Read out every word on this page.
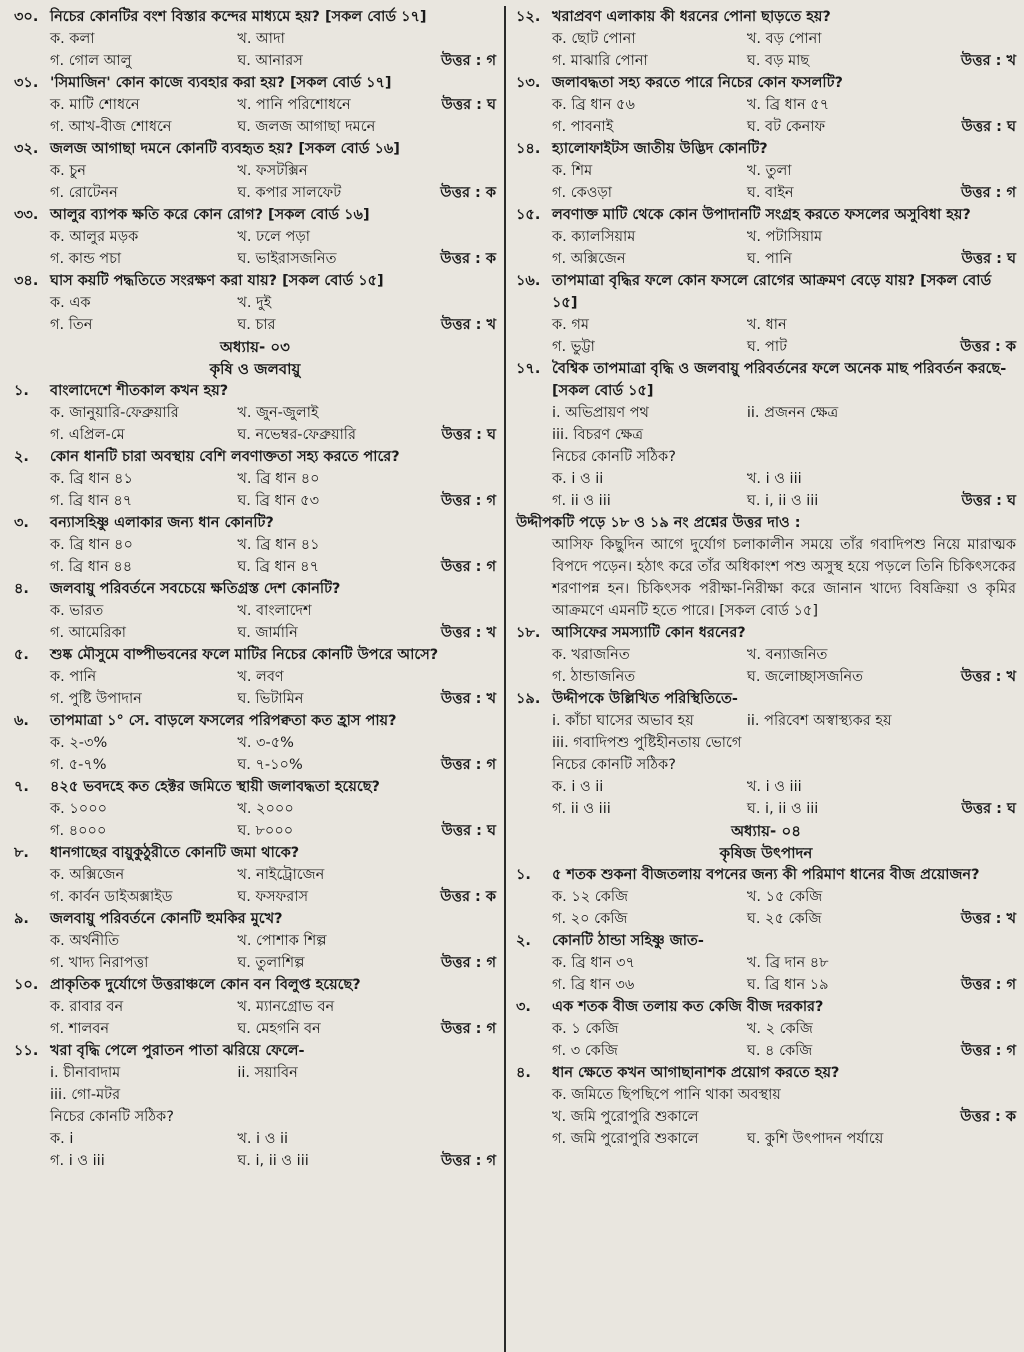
৩০. নিচের কোনটির বংশ বিস্তার কন্দের মাধ্যমে হয়? [সকল বোর্ড ১৭]
ক. কলা	খ. আদা
গ. গোল আলু	ঘ. আনারস	উত্তর : গ
৩১. 'সিমাজিন' কোন কাজে ব্যবহার করা হয়? [সকল বোর্ড ১৭]
ক. মাটি শোধনে	খ. পানি পরিশোধনে	উত্তর : ঘ
গ. আখ-বীজ শোধনে	ঘ. জলজ আগাছা দমনে
৩২. জলজ আগাছা দমনে কোনটি ব্যবহৃত হয়? [সকল বোর্ড ১৬]
ক. চুন	খ. ফসটক্সিন
গ. রোটেনন	ঘ. কপার সালফেট	উত্তর : ক
৩৩. আলুর ব্যাপক ক্ষতি করে কোন রোগ? [সকল বোর্ড ১৬]
ক. আলুর মড়ক	খ. ঢলে পড়া
গ. কান্ড পচা	ঘ. ভাইরাসজনিত	উত্তর : ক
৩৪. ঘাস কয়টি পদ্ধতিতে সংরক্ষণ করা যায়? [সকল বোর্ড ১৫]
ক. এক	খ. দুই
গ. তিন	ঘ. চার	উত্তর : খ
অধ্যায়- ০৩
কৃষি ও জলবায়ু
১.	বাংলাদেশে শীতকাল কখন হয়?
ক. জানুয়ারি-ফেব্রুয়ারি	খ. জুন-জুলাই
গ. এপ্রিল-মে	ঘ. নভেম্বর-ফেব্রুয়ারি	উত্তর : ঘ
২.	কোন ধানটি চারা অবস্থায় বেশি লবণাক্ততা সহ্য করতে পারে?
ক. ব্রি ধান ৪১	খ. ব্রি ধান ৪০
গ. ব্রি ধান ৪৭	ঘ. ব্রি ধান ৫৩	উত্তর : গ
৩.	বন্যাসহিষ্ণু এলাকার জন্য ধান কোনটি?
ক. ব্রি ধান ৪০	খ. ব্রি ধান ৪১
গ. ব্রি ধান ৪৪	ঘ. ব্রি ধান ৪৭	উত্তর : গ
৪.	জলবায়ু পরিবর্তনে সবচেয়ে ক্ষতিগ্রস্ত দেশ কোনটি?
ক. ভারত	খ. বাংলাদেশ
গ. আমেরিকা	ঘ. জার্মানি	উত্তর : খ
৫.	শুষ্ক মৌসুমে বাষ্পীভবনের ফলে মাটির নিচের কোনটি উপরে আসে?
ক. পানি	খ. লবণ
গ. পুষ্টি উপাদান	ঘ. ভিটামিন	উত্তর : খ
৬.	তাপমাত্রা ১° সে. বাড়লে ফসলের পরিপক্বতা কত হ্রাস পায়?
ক. ২-৩%	খ. ৩-৫%
গ. ৫-৭%	ঘ. ৭-১০%	উত্তর : গ
৭.	৪২৫ ভবদহে কত হেক্টর জমিতে স্থায়ী জলাবদ্ধতা হয়েছে?
ক. ১০০০	খ. ২০০০
গ. ৪০০০	ঘ. ৮০০০	উত্তর : ঘ
৮.	ধানগাছের বায়ুকুঠুরীতে কোনটি জমা থাকে?
ক. অক্সিজেন	খ. নাইট্রোজেন
গ. কার্বন ডাইঅক্সাইড	ঘ. ফসফরাস	উত্তর : ক
৯.	জলবায়ু পরিবর্তনে কোনটি হুমকির মুখে?
ক. অর্থনীতি	খ. পোশাক শিল্প
গ. খাদ্য নিরাপত্তা	ঘ. তুলাশিল্প	উত্তর : গ
১০. প্রাকৃতিক দুর্যোগে উত্তরাঞ্চলে কোন বন বিলুপ্ত হয়েছে?
ক. রাবার বন	খ. ম্যানগ্রোভ বন
গ. শালবন	ঘ. মেহগনি বন	উত্তর : গ
১১. খরা বৃদ্ধি পেলে পুরাতন পাতা ঝরিয়ে ফেলে-
i. চীনাবাদাম	ii. সয়াবিন
iii. গো-মটর
নিচের কোনটি সঠিক?
ক. i	খ. i ও ii
গ. i ও iii	ঘ. i, ii ও iii	উত্তর : গ
১২. খরাপ্রবণ এলাকায় কী ধরনের পোনা ছাড়তে হয়?
ক. ছোট পোনা	খ. বড় পোনা
গ. মাঝারি পোনা	ঘ. বড় মাছ	উত্তর : খ
১৩. জলাবদ্ধতা সহ্য করতে পারে নিচের কোন ফসলটি?
ক. ব্রি ধান ৫৬	খ. ব্রি ধান ৫৭
গ. পাবনাই	ঘ. বট কেনাফ	উত্তর : ঘ
১৪. হ্যালোফাইটস জাতীয় উদ্ভিদ কোনটি?
ক. শিম	খ. তুলা
গ. কেওড়া	ঘ. বাইন	উত্তর : গ
১৫. লবণাক্ত মাটি থেকে কোন উপাদানটি সংগ্রহ করতে ফসলের অসুবিধা হয়?
ক. ক্যালসিয়াম	খ. পটাসিয়াম
গ. অক্সিজেন	ঘ. পানি	উত্তর : ঘ
১৬. তাপমাত্রা বৃদ্ধির ফলে কোন ফসলে রোগের আক্রমণ বেড়ে যায়? [সকল বোর্ড ১৫]
ক. গম	খ. ধান
গ. ভুট্টা	ঘ. পাট	উত্তর : ক
১৭. বৈশ্বিক তাপমাত্রা বৃদ্ধি ও জলবায়ু পরিবর্তনের ফলে অনেক মাছ পরিবর্তন করছে- [সকল বোর্ড ১৫]
i. অভিপ্রায়ণ পথ	ii. প্রজনন ক্ষেত্র
iii. বিচরণ ক্ষেত্র
নিচের কোনটি সঠিক?
ক. i ও ii	খ. i ও iii
গ. ii ও iii	ঘ. i, ii ও iii	উত্তর : ঘ
উদ্দীপকটি পড়ে ১৮ ও ১৯ নং প্রশ্নের উত্তর দাও :
আসিফ কিছুদিন আগে দুর্যোগ চলাকালীন সময়ে তাঁর গবাদিপশু নিয়ে মারাত্মক বিপদে পড়েন। হঠাৎ করে তাঁর অধিকাংশ পশু অসুস্থ হয়ে পড়লে তিনি চিকিৎসকের শরণাপন্ন হন। চিকিৎসক পরীক্ষা-নিরীক্ষা করে জানান খাদ্যে বিষক্রিয়া ও কৃমির আক্রমণে এমনটি হতে পারে। [সকল বোর্ড ১৫]
১৮. আসিফের সমস্যাটি কোন ধরনের?
ক. খরাজনিত	খ. বন্যাজনিত
গ. ঠান্ডাজনিত	ঘ. জলোচ্ছাসজনিত	উত্তর : খ
১৯. উদ্দীপকে উল্লিখিত পরিস্থিতিতে-
i. কাঁচা ঘাসের অভাব হয়	ii. পরিবেশ অস্বাস্থ্যকর হয়
iii. গবাদিপশু পুষ্টিহীনতায় ভোগে
নিচের কোনটি সঠিক?
ক. i ও ii	খ. i ও iii
গ. ii ও iii	ঘ. i, ii ও iii	উত্তর : ঘ
অধ্যায়- ০৪
কৃষিজ উৎপাদন
১.	৫ শতক শুকনা বীজতলায় বপনের জন্য কী পরিমাণ ধানের বীজ প্রয়োজন?
ক. ১২ কেজি	খ. ১৫ কেজি
গ. ২০ কেজি	ঘ. ২৫ কেজি	উত্তর : খ
২.	কোনটি ঠান্ডা সহিষ্ণু জাত-
ক. ব্রি ধান ৩৭	খ. ব্রি দান ৪৮
গ. ব্রি ধান ৩৬	ঘ. ব্রি ধান ১৯	উত্তর : গ
৩.	এক শতক বীজ তলায় কত কেজি বীজ দরকার?
ক. ১ কেজি	খ. ২ কেজি
গ. ৩ কেজি	ঘ. ৪ কেজি	উত্তর : গ
৪.	ধান ক্ষেতে কখন আগাছানাশক প্রয়োগ করতে হয়?
ক. জমিতে ছিপছিপে পানি থাকা অবস্থায়
খ. জমি পুরোপুরি শুকালে	উত্তর : ক
গ. জমি পুরোপুরি শুকালে	ঘ. কুশি উৎপাদন পর্যায়ে
